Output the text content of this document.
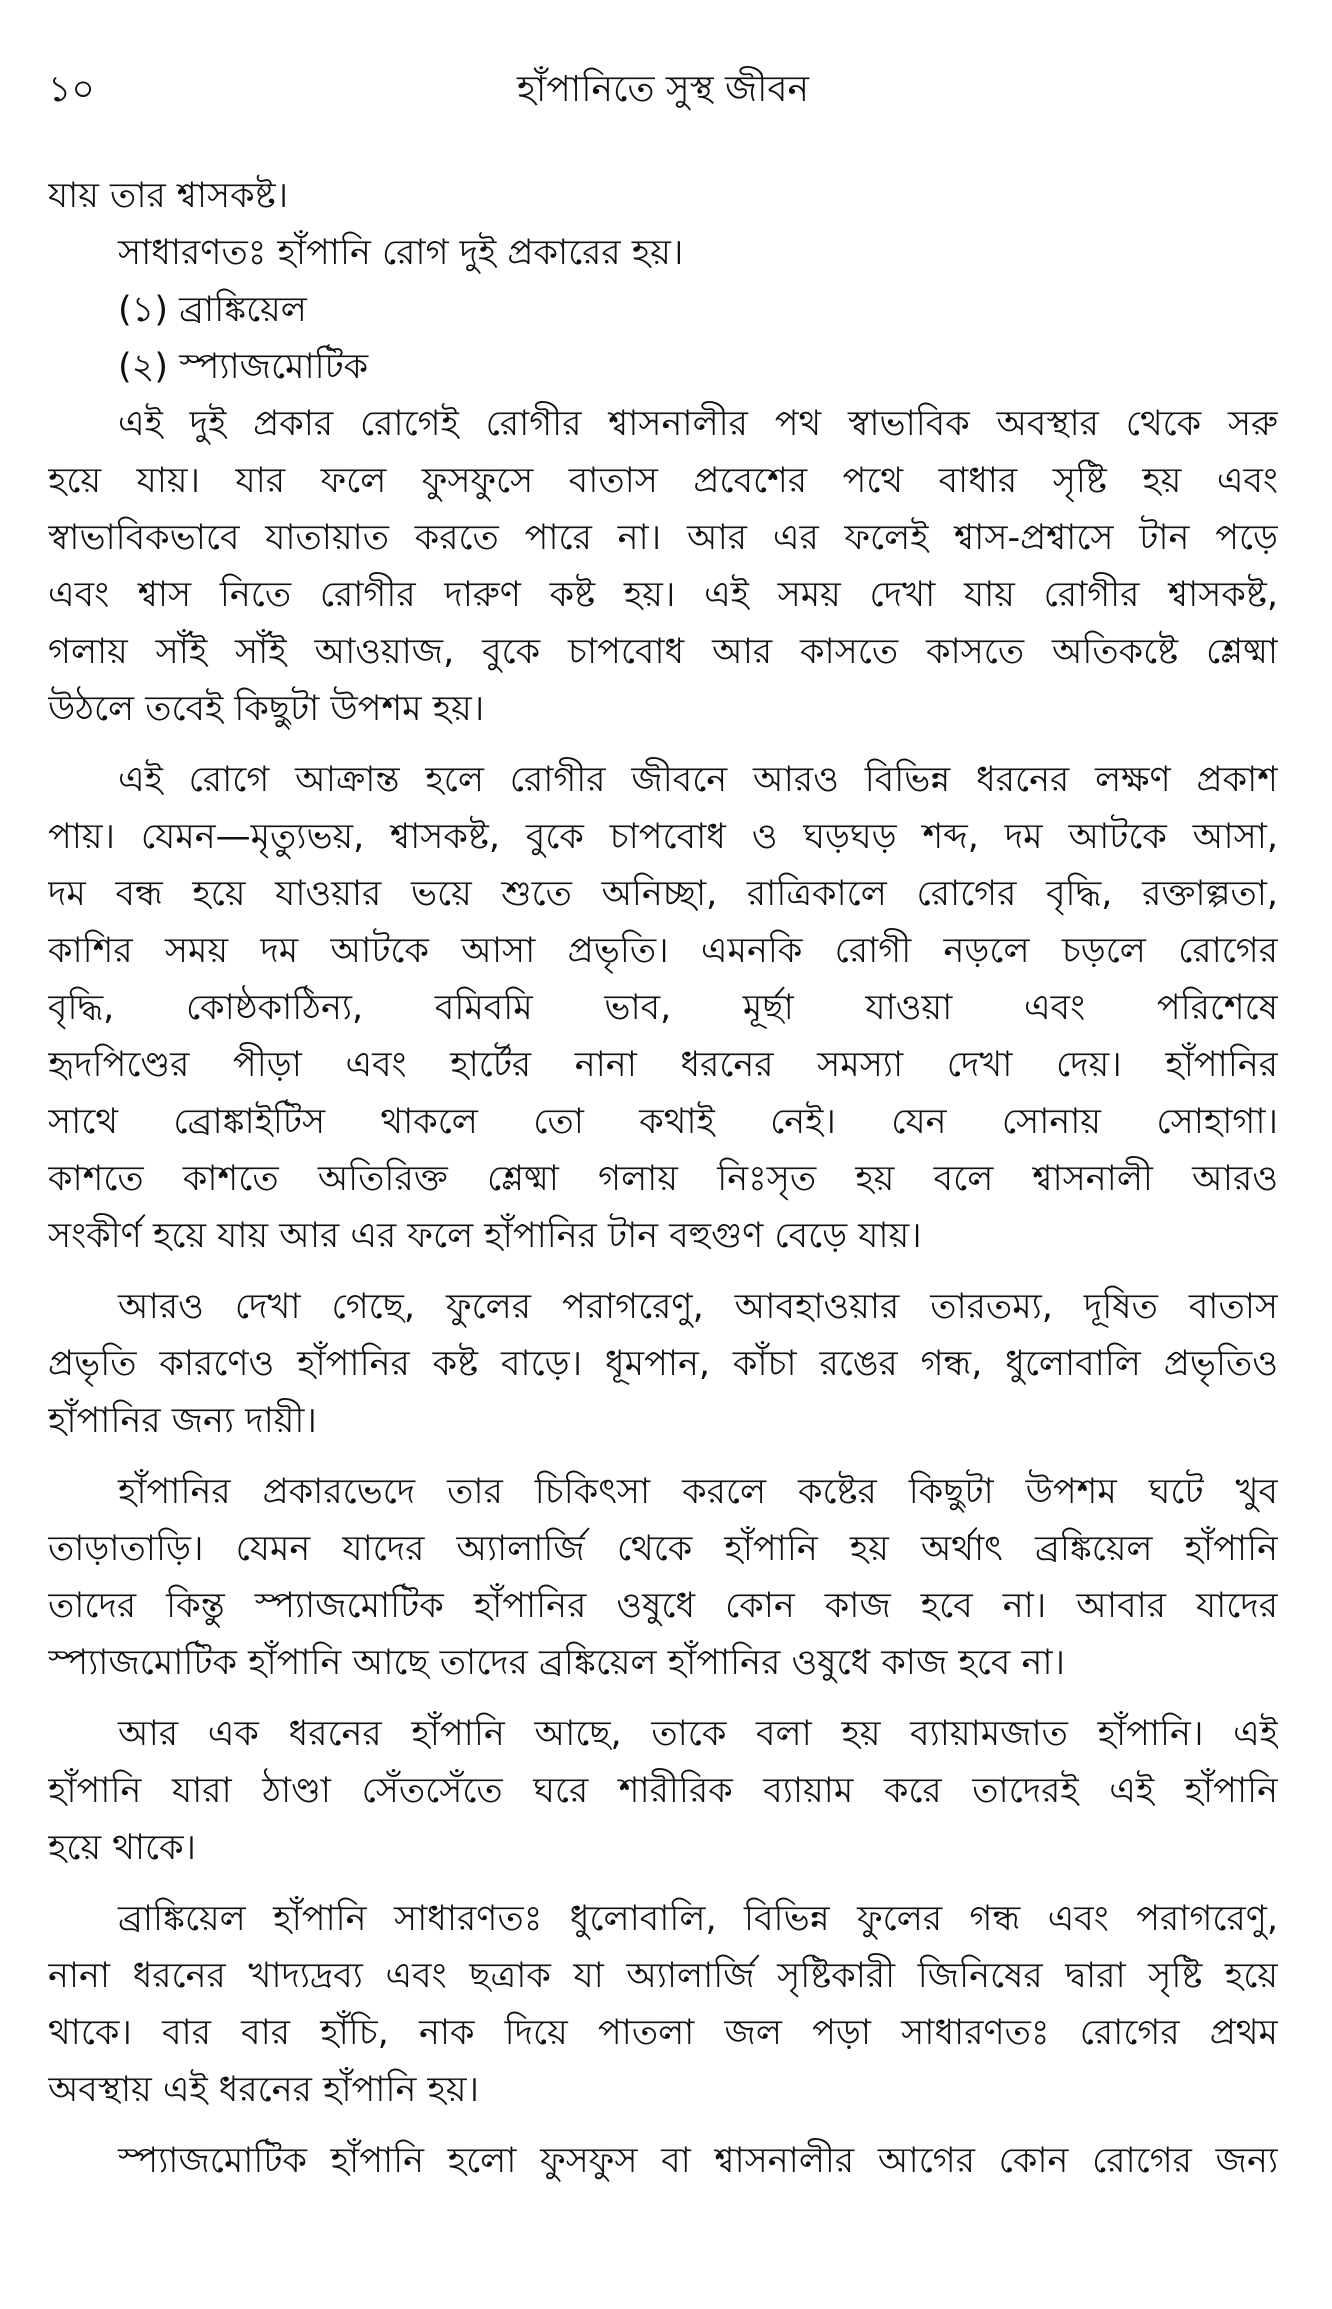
১০	হাঁপানিতে সুস্থ জীবন
যায় তার শ্বাসকষ্ট।
সাধারণতঃ হাঁপানি রোগ দুই প্রকারের হয়।
(১) ব্রাঙ্কিয়েল
(২) স্প্যাজমোটিক
এই দুই প্রকার রোগেই রোগীর শ্বাসনালীর পথ স্বাভাবিক অবস্থার থেকে সরু
হয়ে যায়। যার ফলে ফুসফুসে বাতাস প্রবেশের পথে বাধার সৃষ্টি হয় এবং
স্বাভাবিকভাবে যাতায়াত করতে পারে না। আর এর ফলেই শ্বাস-প্রশ্বাসে টান পড়ে
এবং শ্বাস নিতে রোগীর দারুণ কষ্ট হয়। এই সময় দেখা যায় রোগীর শ্বাসকষ্ট,
গলায় সাঁই সাঁই আওয়াজ, বুকে চাপবোধ আর কাসতে কাসতে অতিকষ্টে শ্লেষ্মা
উঠলে তবেই কিছুটা উপশম হয়।
এই রোগে আক্রান্ত হলে রোগীর জীবনে আরও বিভিন্ন ধরনের লক্ষণ প্রকাশ
পায়। যেমন—মৃত্যুভয়, শ্বাসকষ্ট, বুকে চাপবোধ ও ঘড়ঘড় শব্দ, দম আটকে আসা,
দম বন্ধ হয়ে যাওয়ার ভয়ে শুতে অনিচ্ছা, রাত্রিকালে রোগের বৃদ্ধি, রক্তাল্পতা,
কাশির সময় দম আটকে আসা প্রভৃতি। এমনকি রোগী নড়লে চড়লে রোগের
বৃদ্ধি, কোষ্ঠকাঠিন্য, বমিবমি ভাব, মূর্ছা যাওয়া এবং পরিশেষে
হৃদপিণ্ডের পীড়া এবং হার্টের নানা ধরনের সমস্যা দেখা দেয়। হাঁপানির
সাথে ব্রোঙ্কাইটিস থাকলে তো কথাই নেই। যেন সোনায় সোহাগা।
কাশতে কাশতে অতিরিক্ত শ্লেষ্মা গলায় নিঃসৃত হয় বলে শ্বাসনালী আরও
সংকীর্ণ হয়ে যায় আর এর ফলে হাঁপানির টান বহুগুণ বেড়ে যায়।
আরও দেখা গেছে, ফুলের পরাগরেণু, আবহাওয়ার তারতম্য, দূষিত বাতাস
প্রভৃতি কারণেও হাঁপানির কষ্ট বাড়ে। ধূমপান, কাঁচা রঙের গন্ধ, ধুলোবালি প্রভৃতিও
হাঁপানির জন্য দায়ী।
হাঁপানির প্রকারভেদে তার চিকিৎসা করলে কষ্টের কিছুটা উপশম ঘটে খুব
তাড়াতাড়ি। যেমন যাদের অ্যালার্জি থেকে হাঁপানি হয় অর্থাৎ ব্রঙ্কিয়েল হাঁপানি
তাদের কিন্তু স্প্যাজমোটিক হাঁপানির ওষুধে কোন কাজ হবে না। আবার যাদের
স্প্যাজমোটিক হাঁপানি আছে তাদের ব্রঙ্কিয়েল হাঁপানির ওষুধে কাজ হবে না।
আর এক ধরনের হাঁপানি আছে, তাকে বলা হয় ব্যায়ামজাত হাঁপানি। এই
হাঁপানি যারা ঠাণ্ডা সেঁতসেঁতে ঘরে শারীরিক ব্যায়াম করে তাদেরই এই হাঁপানি
হয়ে থাকে।
ব্রাঙ্কিয়েল হাঁপানি সাধারণতঃ ধুলোবালি, বিভিন্ন ফুলের গন্ধ এবং পরাগরেণু,
নানা ধরনের খাদ্যদ্রব্য এবং ছত্রাক যা অ্যালার্জি সৃষ্টিকারী জিনিষের দ্বারা সৃষ্টি হয়ে
থাকে। বার বার হাঁচি, নাক দিয়ে পাতলা জল পড়া সাধারণতঃ রোগের প্রথম
অবস্থায় এই ধরনের হাঁপানি হয়।
স্প্যাজমোটিক হাঁপানি হলো ফুসফুস বা শ্বাসনালীর আগের কোন রোগের জন্য
